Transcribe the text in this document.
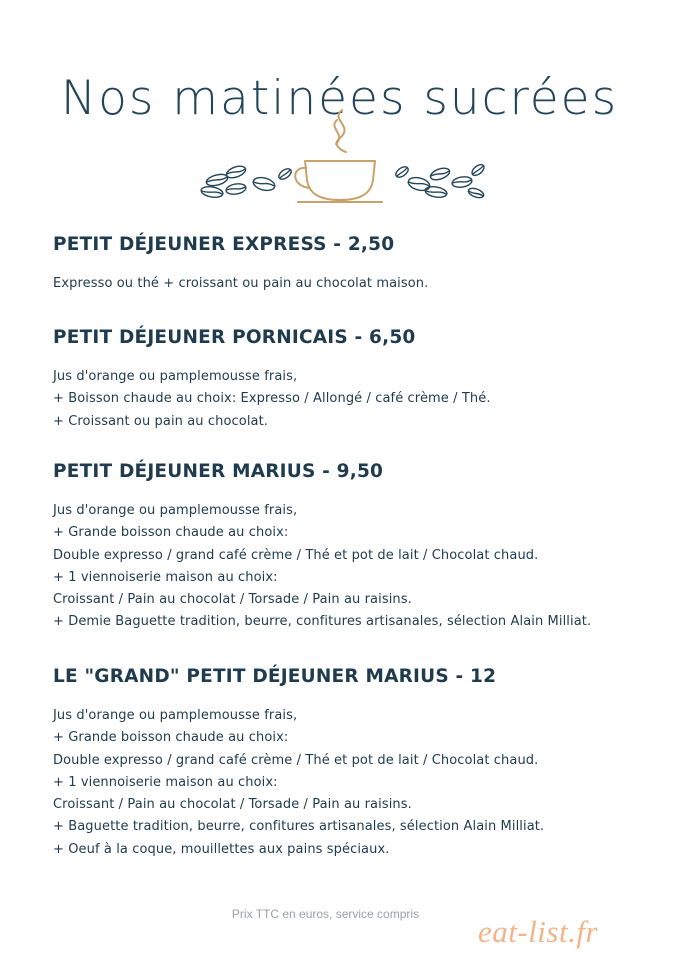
Nos matinées sucrées
PETIT DÉJEUNER EXPRESS - 2,50
Expresso ou thé + croissant ou pain au chocolat maison.
PETIT DÉJEUNER PORNICAIS - 6,50
Jus d'orange ou pamplemousse frais,
+ Boisson chaude au choix: Expresso / Allongé / café crème / Thé.
+ Croissant ou pain au chocolat.
PETIT DÉJEUNER MARIUS - 9,50
Jus d'orange ou pamplemousse frais,
+ Grande boisson chaude au choix:
Double expresso / grand café crème / Thé et pot de lait / Chocolat chaud.
+ 1 viennoiserie maison au choix:
Croissant / Pain au chocolat / Torsade / Pain au raisins.
+ Demie Baguette tradition, beurre, confitures artisanales, sélection Alain Milliat.
LE "GRAND" PETIT DÉJEUNER MARIUS - 12
Jus d'orange ou pamplemousse frais,
+ Grande boisson chaude au choix:
Double expresso / grand café crème / Thé et pot de lait / Chocolat chaud.
+ 1 viennoiserie maison au choix:
Croissant / Pain au chocolat / Torsade / Pain au raisins.
+ Baguette tradition, beurre, confitures artisanales, sélection Alain Milliat.
+ Oeuf à la coque, mouillettes aux pains spéciaux.
Prix TTC en euros, service compris	eat-list.fr
